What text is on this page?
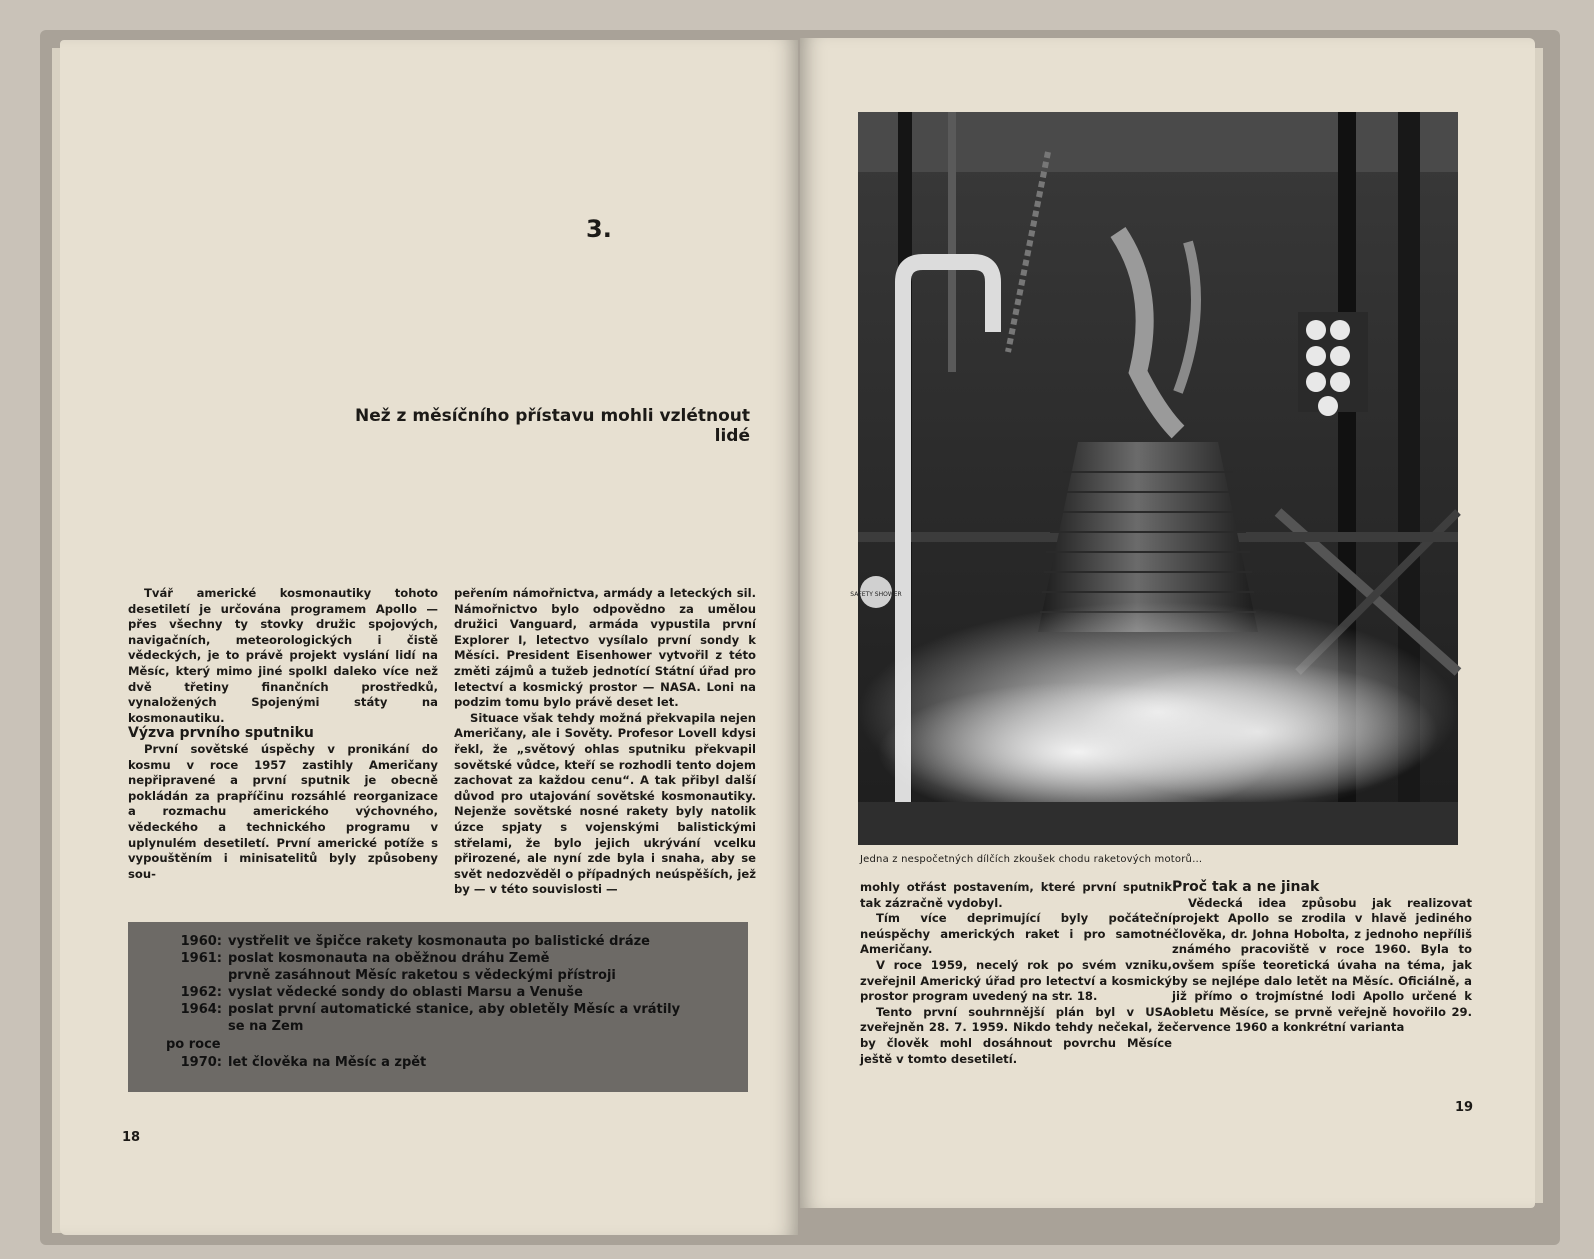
3.
Než z měsíčního přístavu mohli vzlétnout lidé

Tvář americké kosmonautiky tohoto desetiletí je určována programem Apollo — přes všechny ty stovky družic spojových, navigačních, meteorologických i čistě vědeckých, je to právě projekt vyslání lidí na Měsíc, který mimo jiné spolkl daleko více než dvě třetiny finančních prostředků, vynaložených Spojenými státy na kosmonautiku.

Výzva prvního sputniku

První sovětské úspěchy v pronikání do kosmu v roce 1957 zastihly Američany nepřipravené a první sputnik je obecně pokládán za prapříčinu rozsáhlé reorganizace a rozmachu amerického výchovného, vědeckého a technického programu v uplynulém desetiletí. První americké potíže s vypouštěním i minisatelitů byly způsobeny sou-

peřením námořnictva, armády a leteckých sil. Námořnictvo bylo odpovědno za umělou družici Vanguard, armáda vypustila první Explorer I, letectvo vysílalo první sondy k Měsíci. President Eisenhower vytvořil z této změti zájmů a tužeb jednotící Státní úřad pro letectví a kosmický prostor — NASA. Loni na podzim tomu bylo právě deset let.

Situace však tehdy možná překvapila nejen Američany, ale i Sověty. Profesor Lovell kdysi řekl, že „světový ohlas sputniku překvapil sovětské vůdce, kteří se rozhodli tento dojem zachovat za každou cenu“. A tak přibyl další důvod pro utajování sovětské kosmonautiky. Nejenže sovětské nosné rakety byly natolik úzce spjaty s vojenskými balistickými střelami, že bylo jejich ukrývání vcelku přirozené, ale nyní zde byla i snaha, aby se svět nedozvěděl o případných neúspěších, jež by — v této souvislosti —

1960: vystřelit ve špičce rakety kosmonauta po balistické dráze
1961: poslat kosmonauta na oběžnou dráhu Země
prvně zasáhnout Měsíc raketou s vědeckými přístroji
1962: vyslat vědecké sondy do oblasti Marsu a Venuše
1964: poslat první automatické stanice, aby obletěly Měsíc a vrátily
se na Zem
po roce
1970: let člověka na Měsíc a zpět
18
SAFETY SHOWER
Jedna z nespočetných dílčích zkoušek chodu raketových motorů…

mohly otřást postavením, které první sputnik tak zázračně vydobyl.

Tím více deprimující byly počáteční neúspěchy amerických raket i pro samotné Američany.

V roce 1959, necelý rok po svém vzniku, zveřejnil Americký úřad pro letectví a kosmický prostor program uvedený na str. 18.

Tento první souhrnnější plán byl v USA zveřejněn 28. 7. 1959. Nikdo tehdy nečekal, že by člověk mohl dosáhnout povrchu Měsíce ještě v tomto desetiletí.

Proč tak a ne jinak

Vědecká idea způsobu jak realizovat projekt Apollo se zrodila v hlavě jediného člověka, dr. Johna Hobolta, z jednoho nepříliš známého pracoviště v roce 1960. Byla to ovšem spíše teoretická úvaha na téma, jak by se nejlépe dalo letět na Měsíc. Oficiálně, a již přímo o trojmístné lodi Apollo určené k obletu Měsíce, se prvně veřejně hovořilo 29. července 1960 a konkrétní varianta

19
